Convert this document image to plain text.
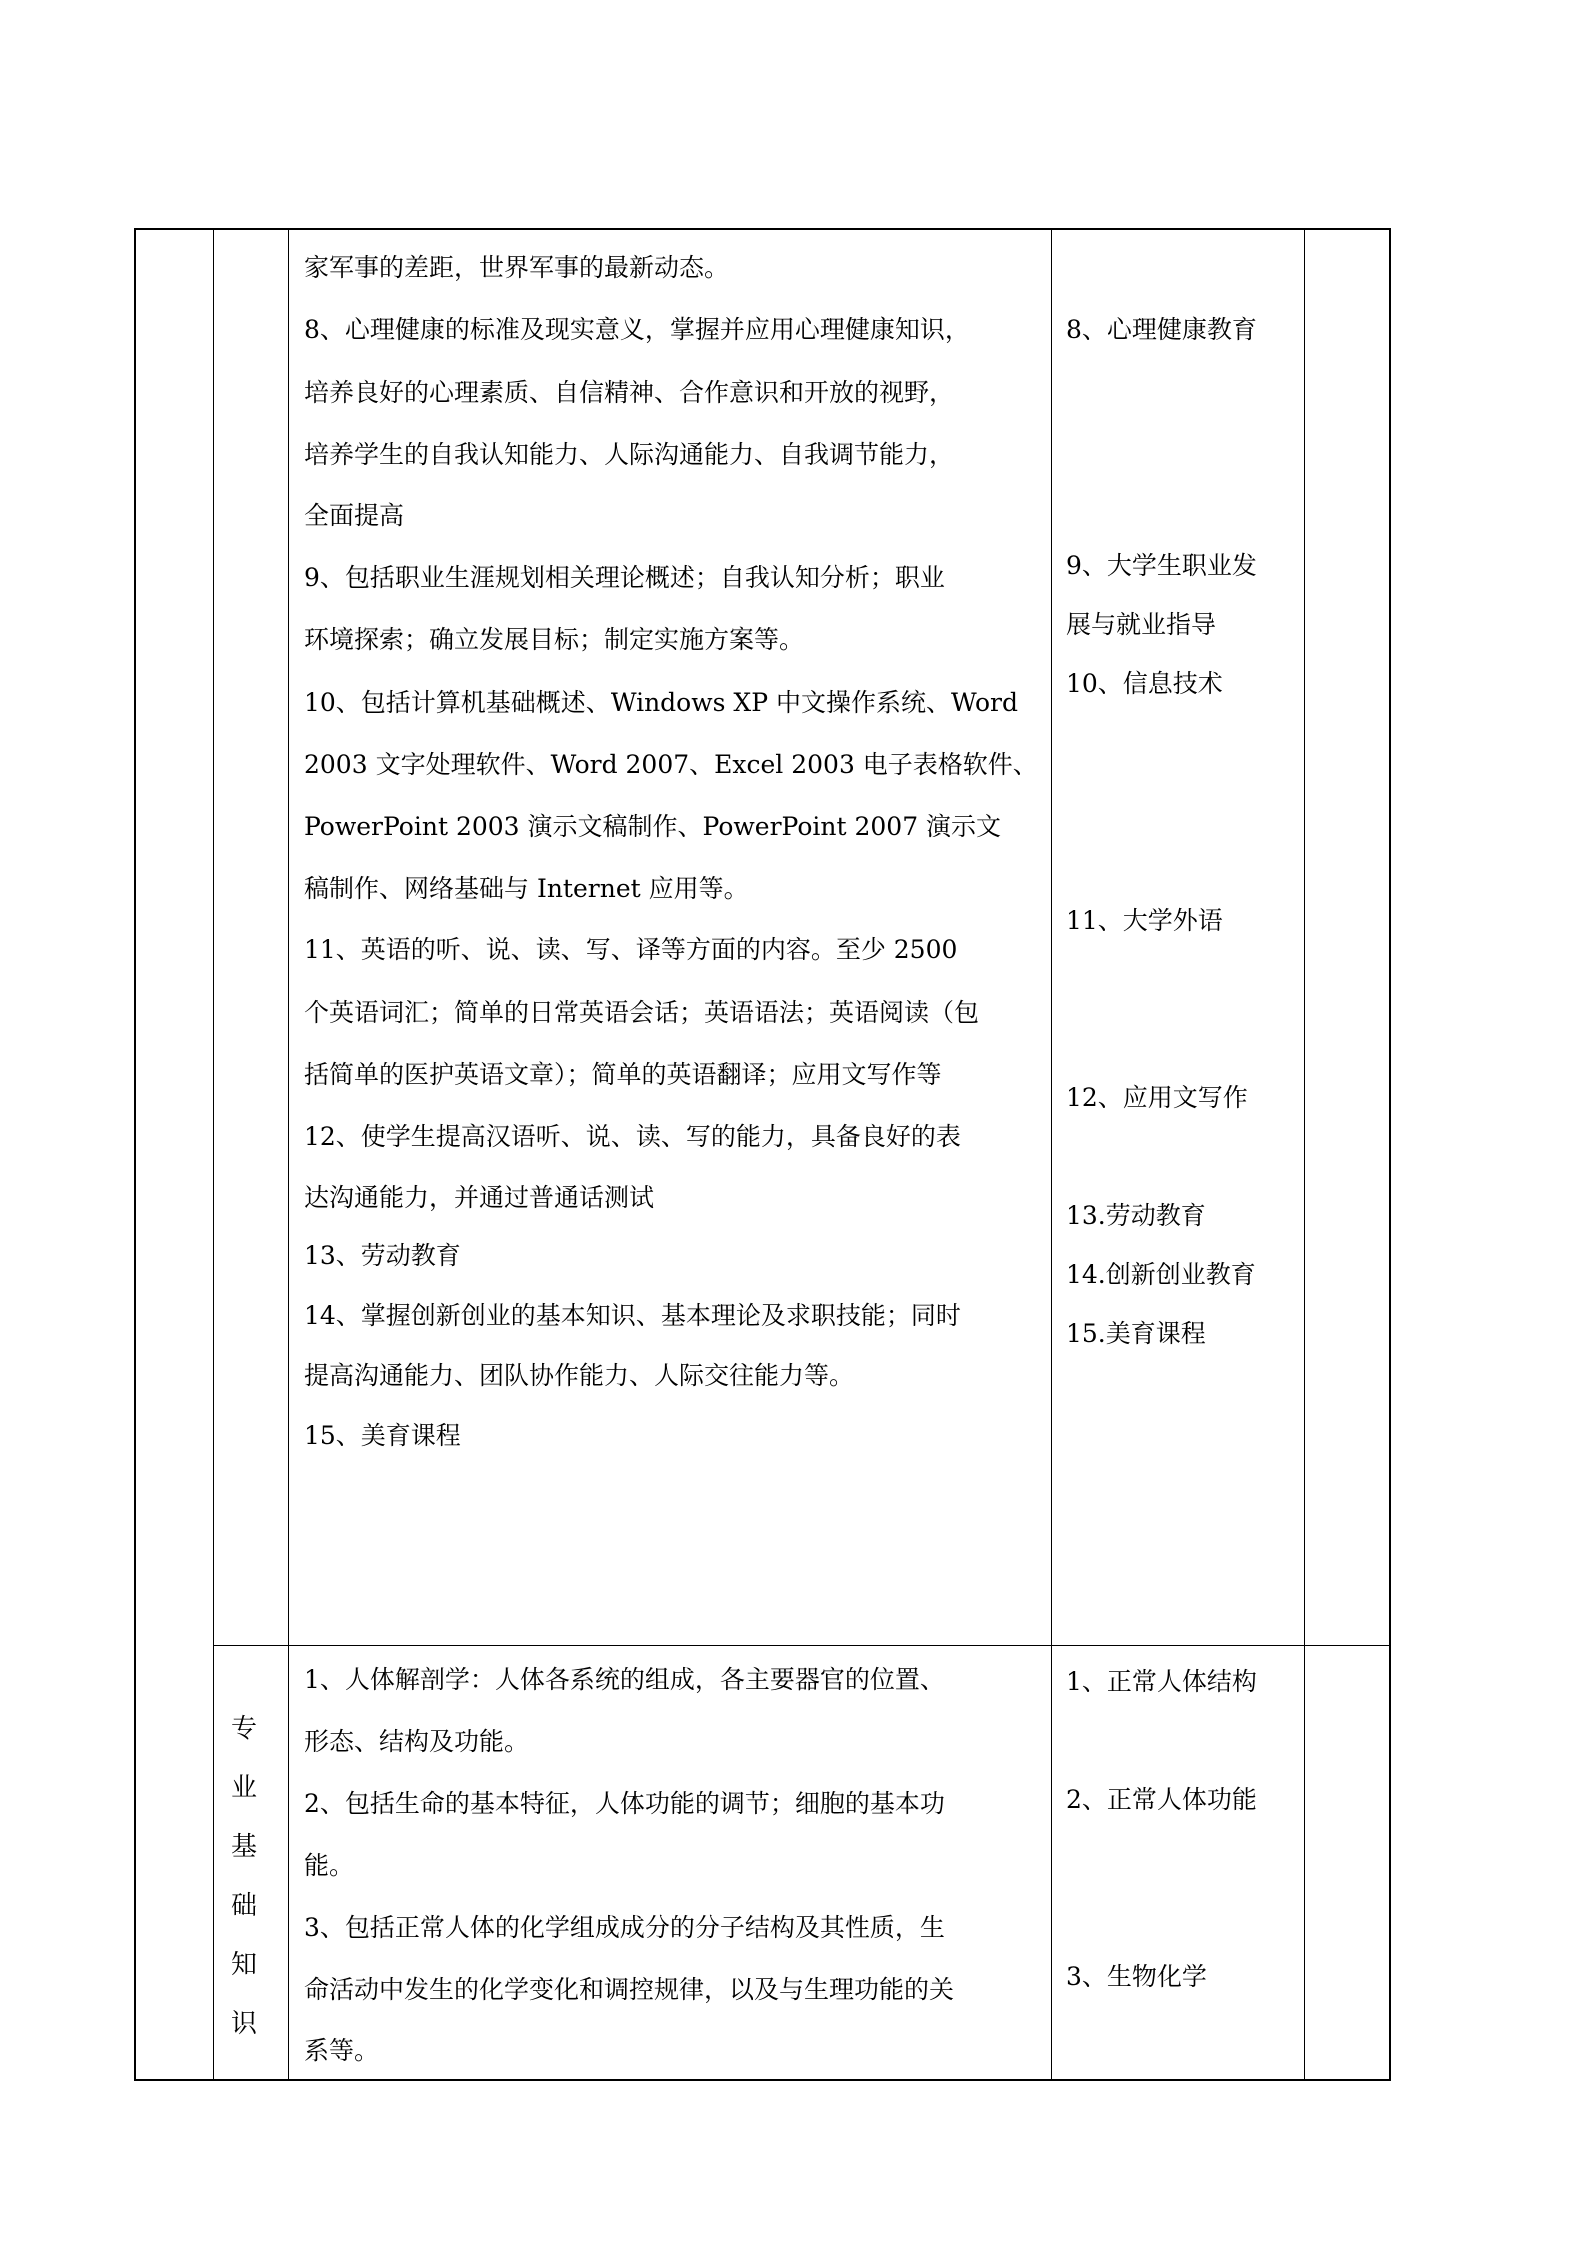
家军事的差距，世界军事的最新动态。
8、心理健康的标准及现实意义，掌握并应用心理健康知识，
培养良好的心理素质、自信精神、合作意识和开放的视野，
培养学生的自我认知能力、人际沟通能力、自我调节能力，
全面提高
9、包括职业生涯规划相关理论概述；自我认知分析；职业
环境探索；确立发展目标；制定实施方案等。
10、包括计算机基础概述、Windows XP 中文操作系统、Word
2003 文字处理软件、Word 2007、Excel 2003 电子表格软件、
PowerPoint 2003 演示文稿制作、PowerPoint 2007 演示文
稿制作、网络基础与 Internet 应用等。
11、英语的听、说、读、写、译等方面的内容。至少 2500
个英语词汇；简单的日常英语会话；英语语法；英语阅读（包
括简单的医护英语文章）；简单的英语翻译；应用文写作等
12、使学生提高汉语听、说、读、写的能力，具备良好的表
达沟通能力，并通过普通话测试
13、劳动教育
14、掌握创新创业的基本知识、基本理论及求职技能；同时
提高沟通能力、团队协作能力、人际交往能力等。
15、美育课程
8、心理健康教育
9、大学生职业发
展与就业指导
10、信息技术
11、大学外语
12、应用文写作
13.劳动教育
14.创新创业教育
15.美育课程
专
业
基
础
知
识
1、人体解剖学：人体各系统的组成，各主要器官的位置、
形态、结构及功能。
2、包括生命的基本特征，人体功能的调节；细胞的基本功
能。
3、包括正常人体的化学组成成分的分子结构及其性质，生
命活动中发生的化学变化和调控规律，以及与生理功能的关
系等。
1、正常人体结构
2、正常人体功能
3、生物化学
